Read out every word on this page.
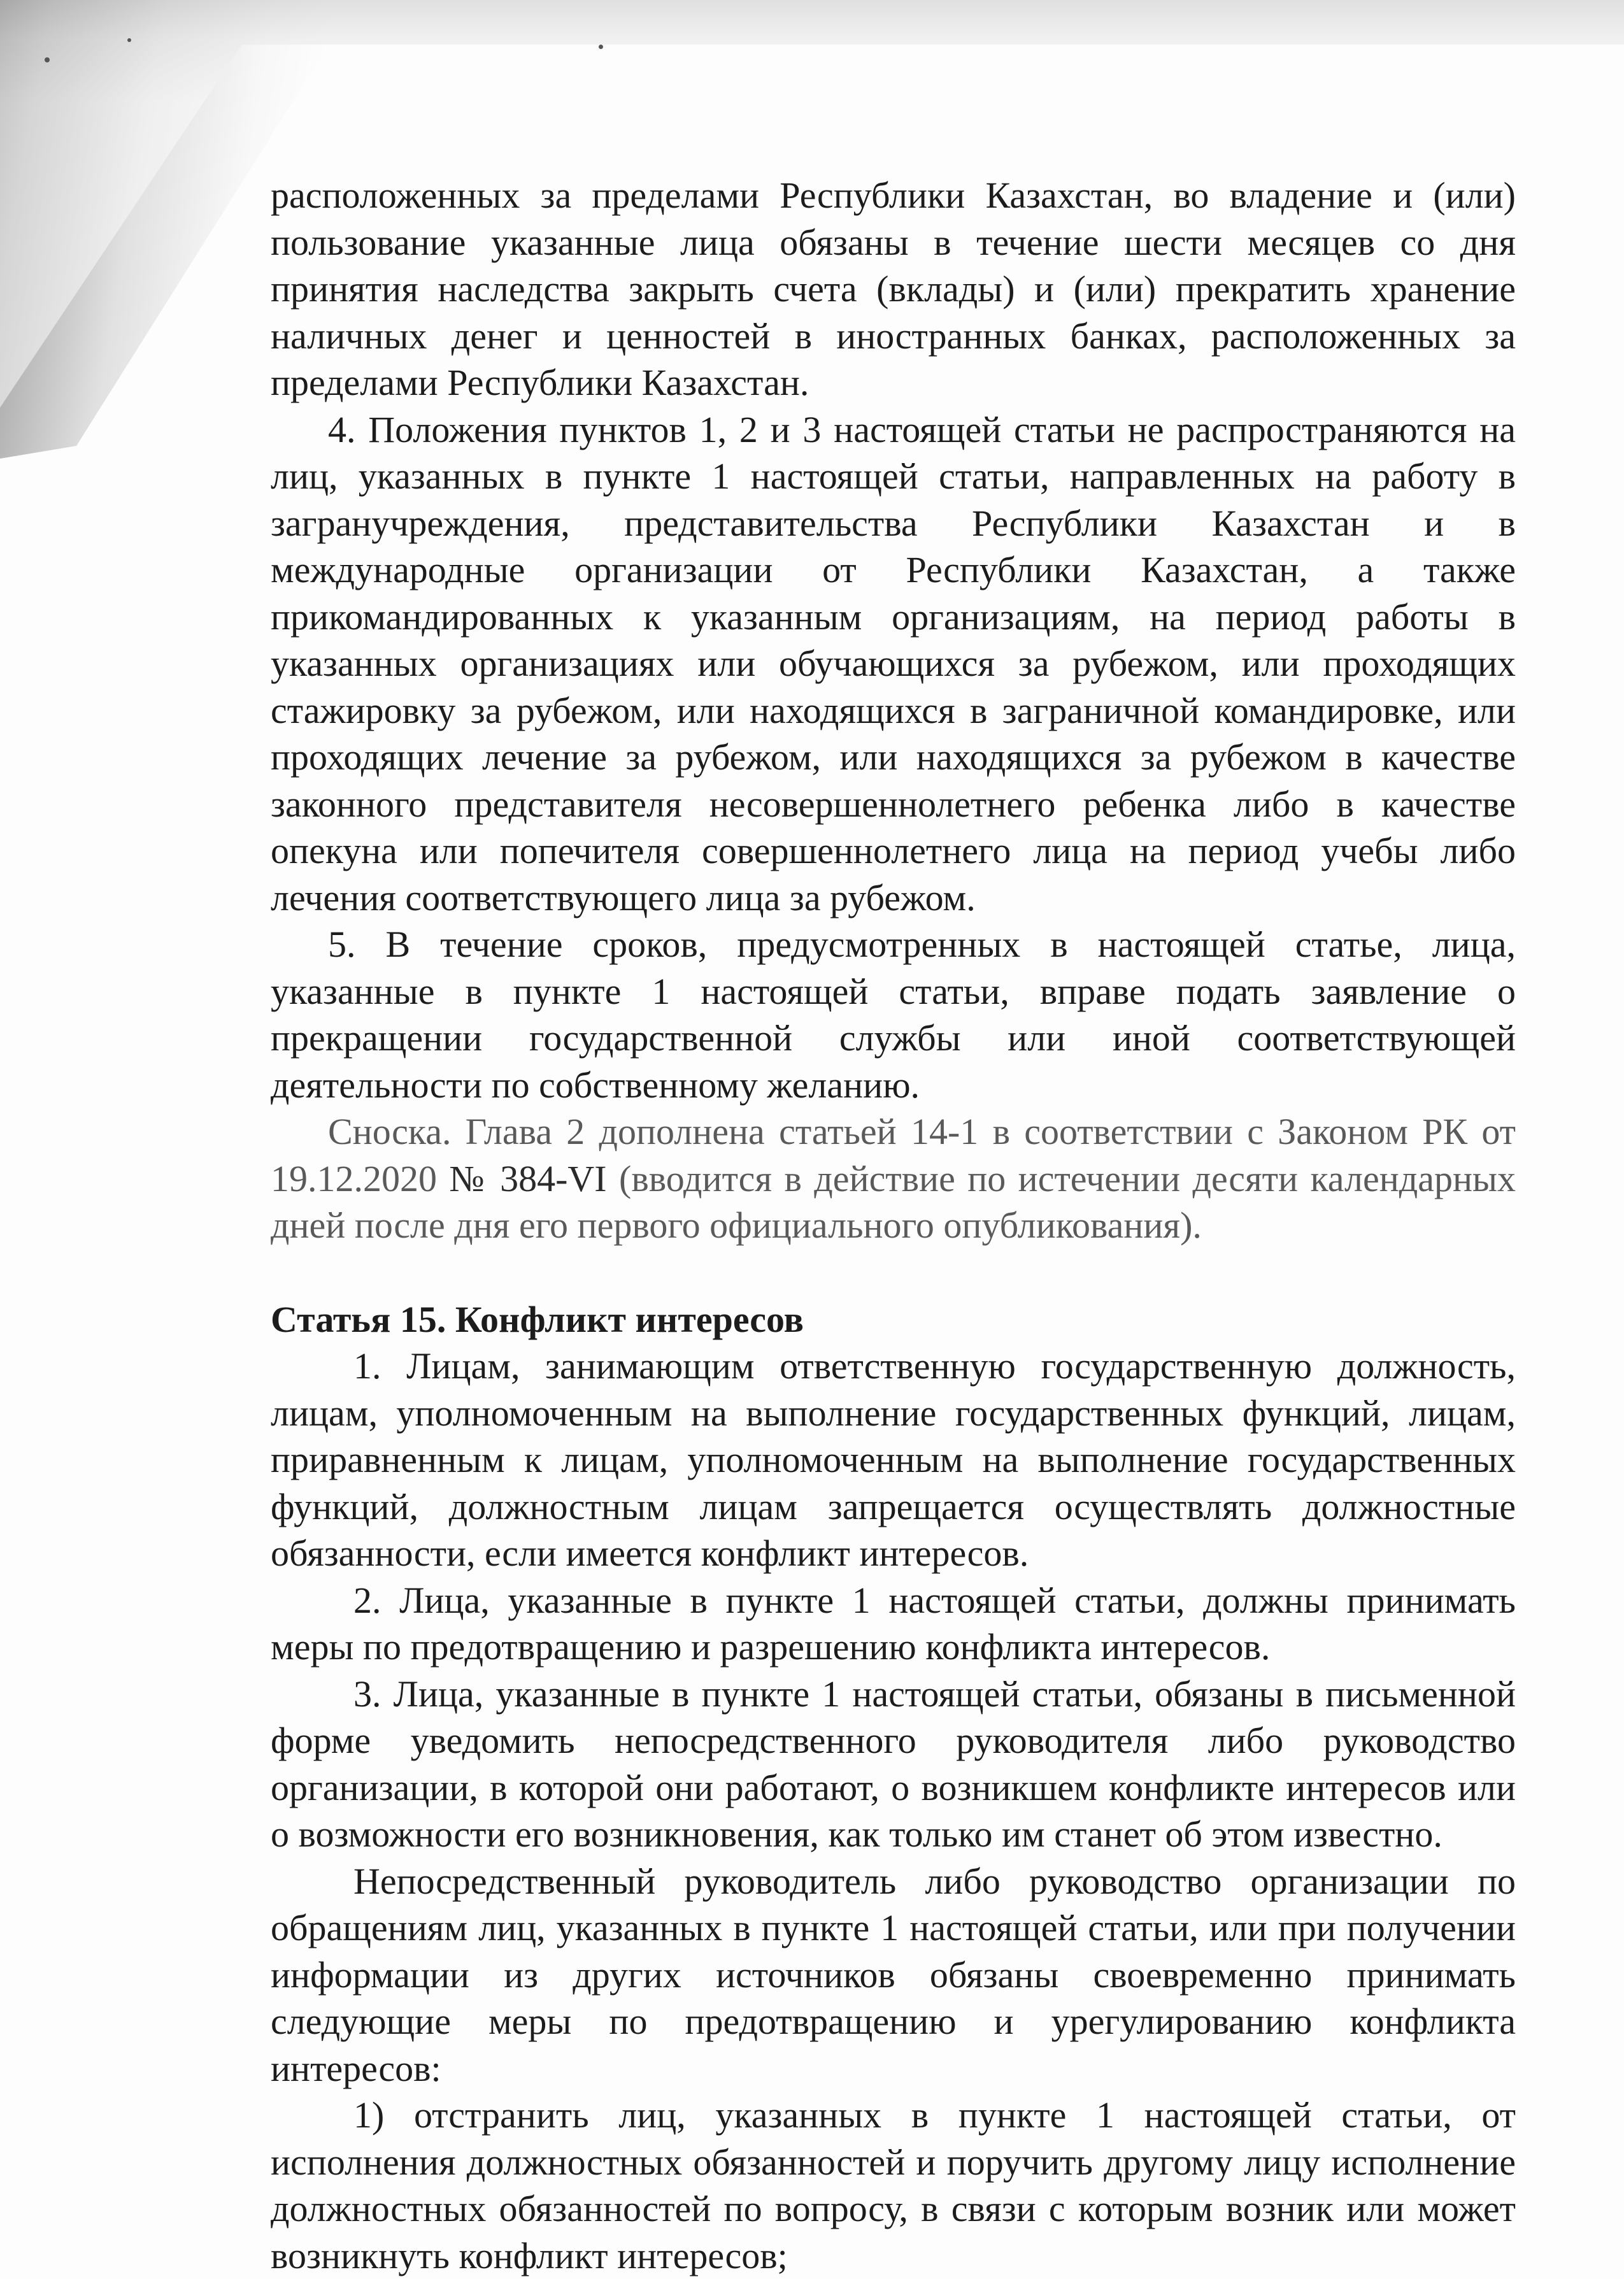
расположенных за пределами Республики Казахстан, во владение и (или) пользование указанные лица обязаны в течение шести месяцев со дня принятия наследства закрыть счета (вклады) и (или) прекратить хранение наличных денег и ценностей в иностранных банках, расположенных за пределами Республики Казахстан.

4. Положения пунктов 1, 2 и 3 настоящей статьи не распространяются на лиц, указанных в пункте 1 настоящей статьи, направленных на работу в загранучреждения, представительства Республики Казахстан и в международные организации от Республики Казахстан, а также прикомандированных к указанным организациям, на период работы в указанных организациях или обучающихся за рубежом, или проходящих стажировку за рубежом, или находящихся в заграничной командировке, или проходящих лечение за рубежом, или находящихся за рубежом в качестве законного представителя несовершеннолетнего ребенка либо в качестве опекуна или попечителя совершеннолетнего лица на период учебы либо лечения соответствующего лица за рубежом.

5. В течение сроков, предусмотренных в настоящей статье, лица, указанные в пункте 1 настоящей статьи, вправе подать заявление о прекращении государственной службы или иной соответствующей деятельности по собственному желанию.

Сноска. Глава 2 дополнена статьей 14-1 в соответствии с Законом РК от 19.12.2020 № 384-VI (вводится в действие по истечении десяти календарных дней после дня его первого официального опубликования).

Статья 15. Конфликт интересов

1. Лицам, занимающим ответственную государственную должность, лицам, уполномоченным на выполнение государственных функций, лицам, приравненным к лицам, уполномоченным на выполнение государственных функций, должностным лицам запрещается осуществлять должностные обязанности, если имеется конфликт интересов.

2. Лица, указанные в пункте 1 настоящей статьи, должны принимать меры по предотвращению и разрешению конфликта интересов.

3. Лица, указанные в пункте 1 настоящей статьи, обязаны в письменной форме уведомить непосредственного руководителя либо руководство организации, в которой они работают, о возникшем конфликте интересов или о возможности его возникновения, как только им станет об этом известно.

Непосредственный руководитель либо руководство организации по обращениям лиц, указанных в пункте 1 настоящей статьи, или при получении информации из других источников обязаны своевременно принимать следующие меры по предотвращению и урегулированию конфликта интересов:

1) отстранить лиц, указанных в пункте 1 настоящей статьи, от исполнения должностных обязанностей и поручить другому лицу исполнение должностных обязанностей по вопросу, в связи с которым возник или может возникнуть конфликт интересов;
